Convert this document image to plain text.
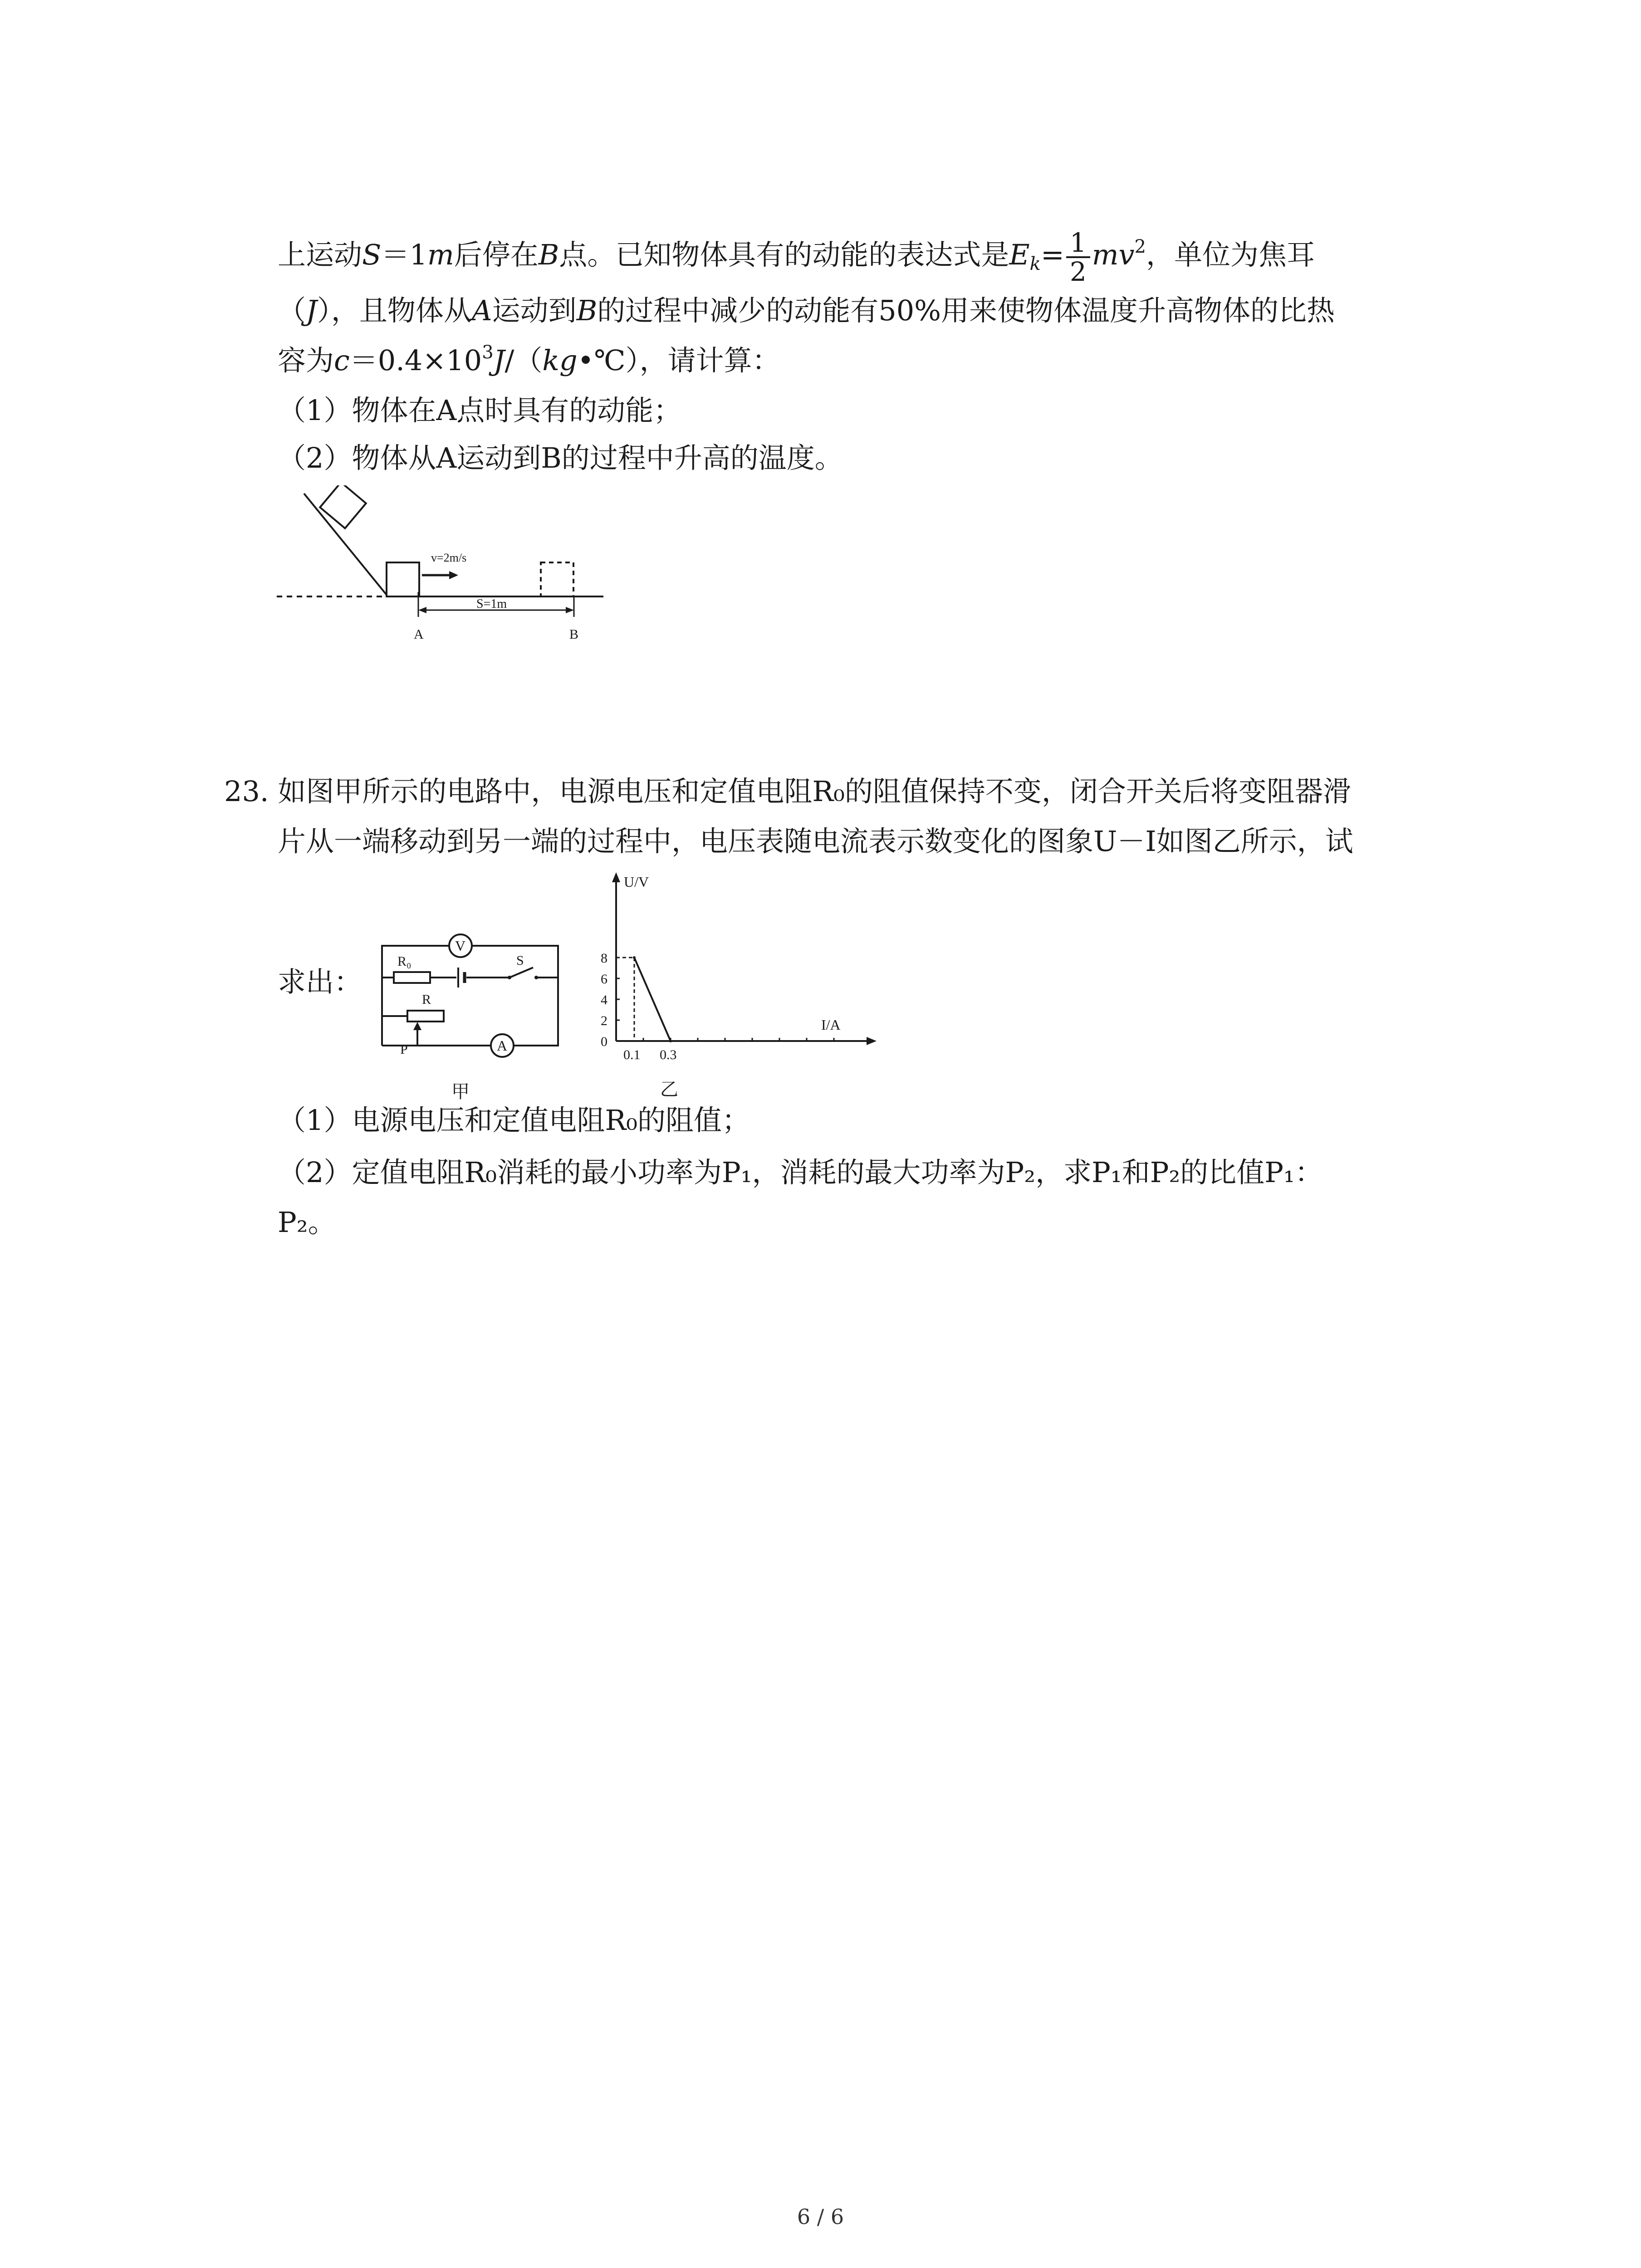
上运动S＝1m后停在B点。已知物体具有的动能的表达式是$E_k= \frac{1}{2} mv^2$，单位为焦耳
（J），且物体从A运动到B的过程中减少的动能有50%用来使物体温度升高物体的比热
容为$c=0.4\times 10^3J/(kg•℃)$，请计算：
（1）物体在A点时具有的动能；
（2）物体从A运动到B的过程中升高的温度。
v=2m/s
S=1m
A	B
23. 如图甲所示的电路中，电源电压和定值电阻R₀的阻值保持不变，闭合开关后将变阻器滑
片从一端移动到另一端的过程中，电压表随电流表示数变化的图象U－I如图乙所示，试
求出：
V
R₀	S
R
P	A
甲
U/V
I/A
8
6
4
2
0
0.1 0.3
乙
（1）电源电压和定值电阻R₀的阻值；
（2）定值电阻R₀消耗的最小功率为P₁，消耗的最大功率为P₂，求P₁和P₂的比值P₁：
P₂。
6 / 6
